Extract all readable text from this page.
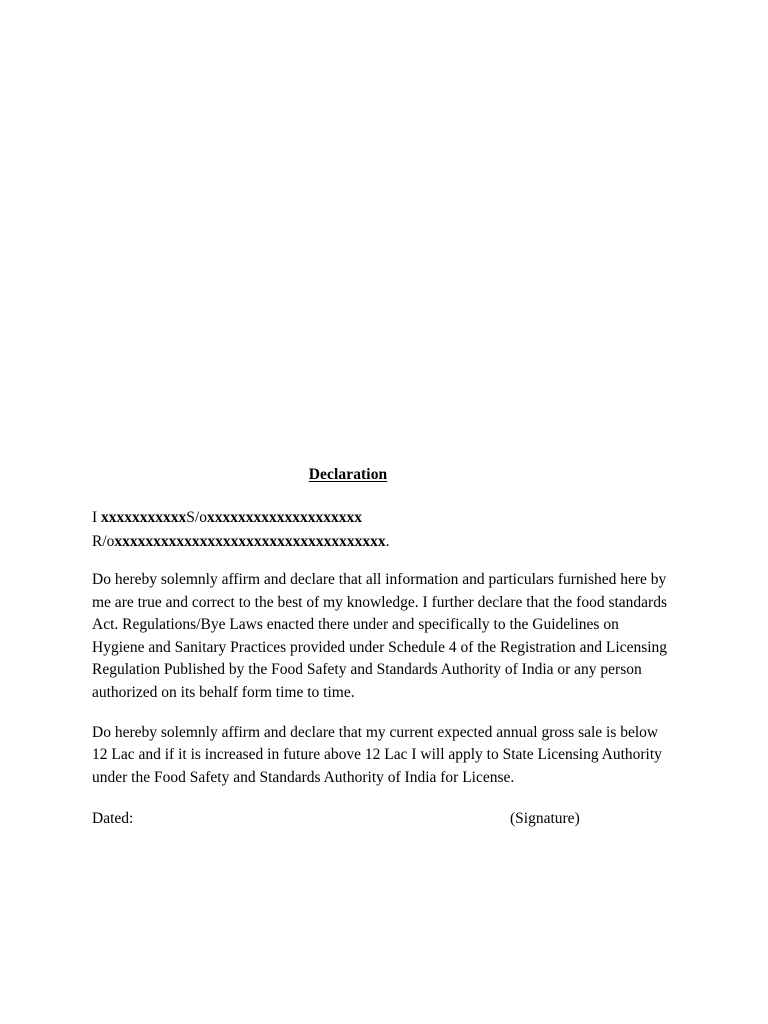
Declaration

I xxxxxxxxxxxS/oxxxxxxxxxxxxxxxxxxxx

R/oxxxxxxxxxxxxxxxxxxxxxxxxxxxxxxxxxxx.

Do hereby solemnly affirm and declare that all information and particulars furnished here by me are true and correct to the best of my knowledge. I further declare that the food standards Act. Regulations/Bye Laws enacted there under and specifically to the Guidelines on Hygiene and Sanitary Practices provided under Schedule 4 of the Registration and Licensing Regulation Published by the Food Safety and Standards Authority of India or any person authorized on its behalf form time to time.

Do hereby solemnly affirm and declare that my current expected annual gross sale is below 12 Lac and if it is increased in future above 12 Lac I will apply to State Licensing Authority under the Food Safety and Standards Authority of India for License.

Dated:	(Signature)
